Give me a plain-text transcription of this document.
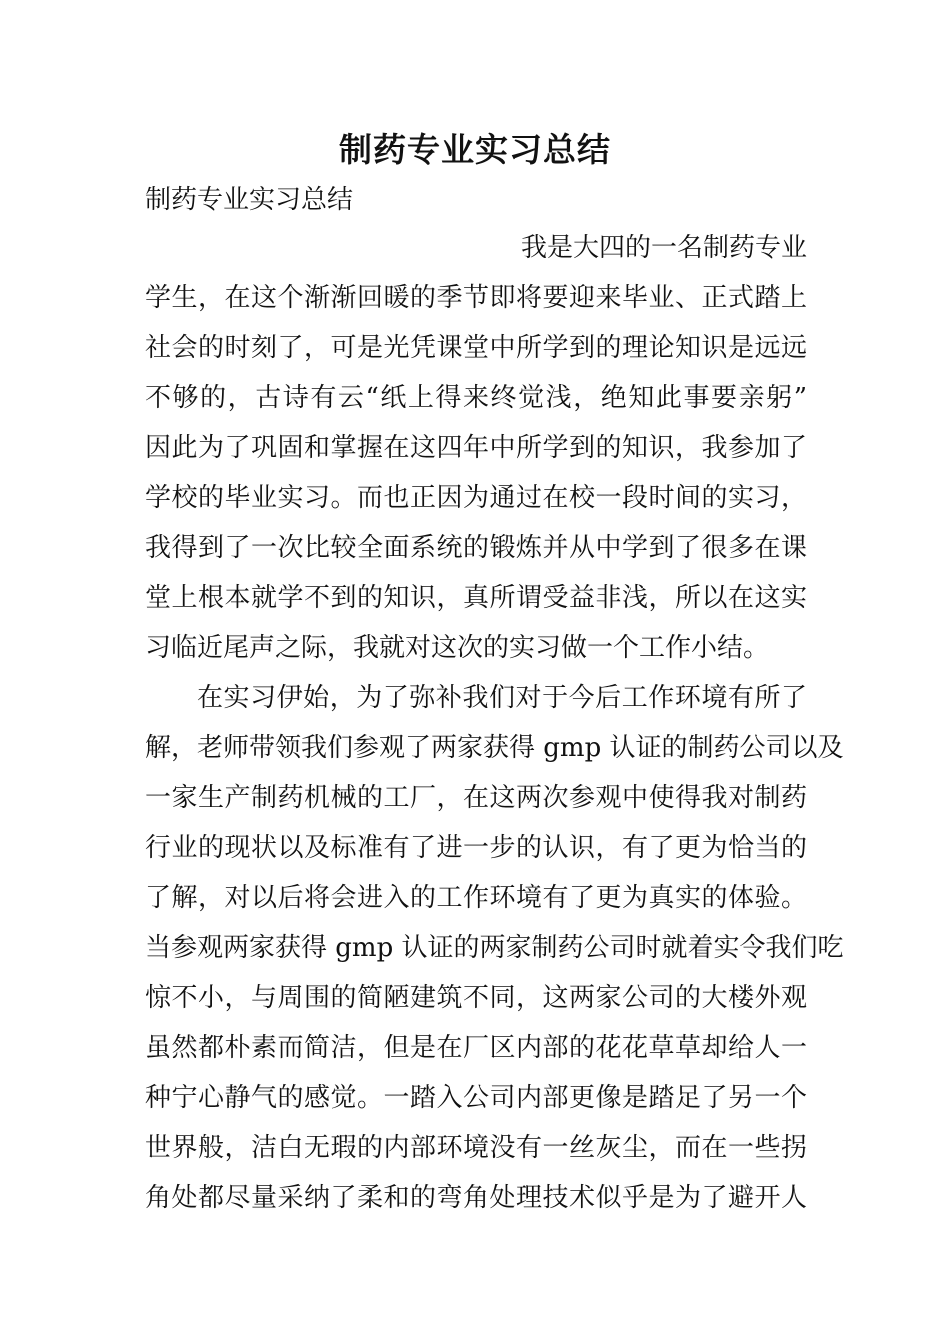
制药专业实习总结
制药专业实习总结
我是大四的一名制药专业
学生，在这个渐渐回暖的季节即将要迎来毕业、正式踏上
社会的时刻了，可是光凭课堂中所学到的理论知识是远远
不够的，古诗有云“纸上得来终觉浅，绝知此事要亲躬”
因此为了巩固和掌握在这四年中所学到的知识，我参加了
学校的毕业实习。而也正因为通过在校一段时间的实习，
我得到了一次比较全面系统的锻炼并从中学到了很多在课
堂上根本就学不到的知识，真所谓受益非浅，所以在这实
习临近尾声之际，我就对这次的实习做一个工作小结。
在实习伊始，为了弥补我们对于今后工作环境有所了
解，老师带领我们参观了两家获得 gmp 认证的制药公司以及
一家生产制药机械的工厂，在这两次参观中使得我对制药
行业的现状以及标准有了进一步的认识，有了更为恰当的
了解，对以后将会进入的工作环境有了更为真实的体验。
当参观两家获得 gmp 认证的两家制药公司时就着实令我们吃
惊不小，与周围的简陋建筑不同，这两家公司的大楼外观
虽然都朴素而简洁，但是在厂区内部的花花草草却给人一
种宁心静气的感觉。一踏入公司内部更像是踏足了另一个
世界般，洁白无瑕的内部环境没有一丝灰尘，而在一些拐
角处都尽量采纳了柔和的弯角处理技术似乎是为了避开人
